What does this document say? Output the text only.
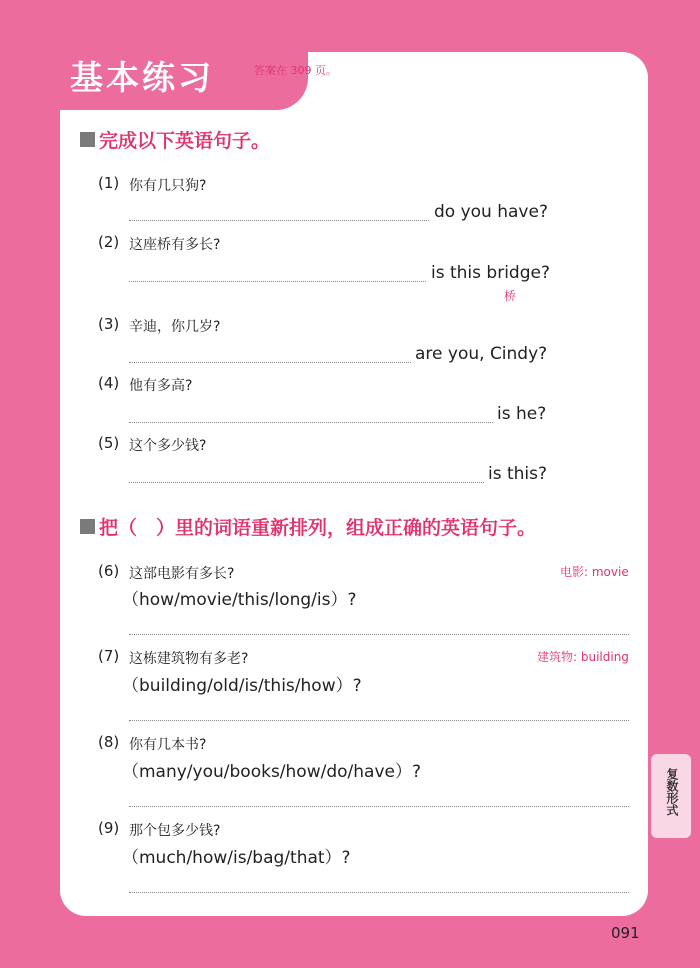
基本练习	答案在 309 页。
完成以下英语句子。
(1) 你有几只狗?
do you have?
(2) 这座桥有多长?
is this bridge?
桥
(3) 辛迪，你几岁?
are you, Cindy?
(4) 他有多高?
is he?
(5) 这个多少钱?
is this?
把（　）里的词语重新排列，组成正确的英语句子。
(6) 这部电影有多长?	电影: movie
（how/movie/this/long/is）?
(7) 这栋建筑物有多老?	建筑物: building
（building/old/is/this/how）?
(8) 你有几本书?
（many/you/books/how/do/have）?
(9) 那个包多少钱?
（much/how/is/bag/that）?
复数形式
091
